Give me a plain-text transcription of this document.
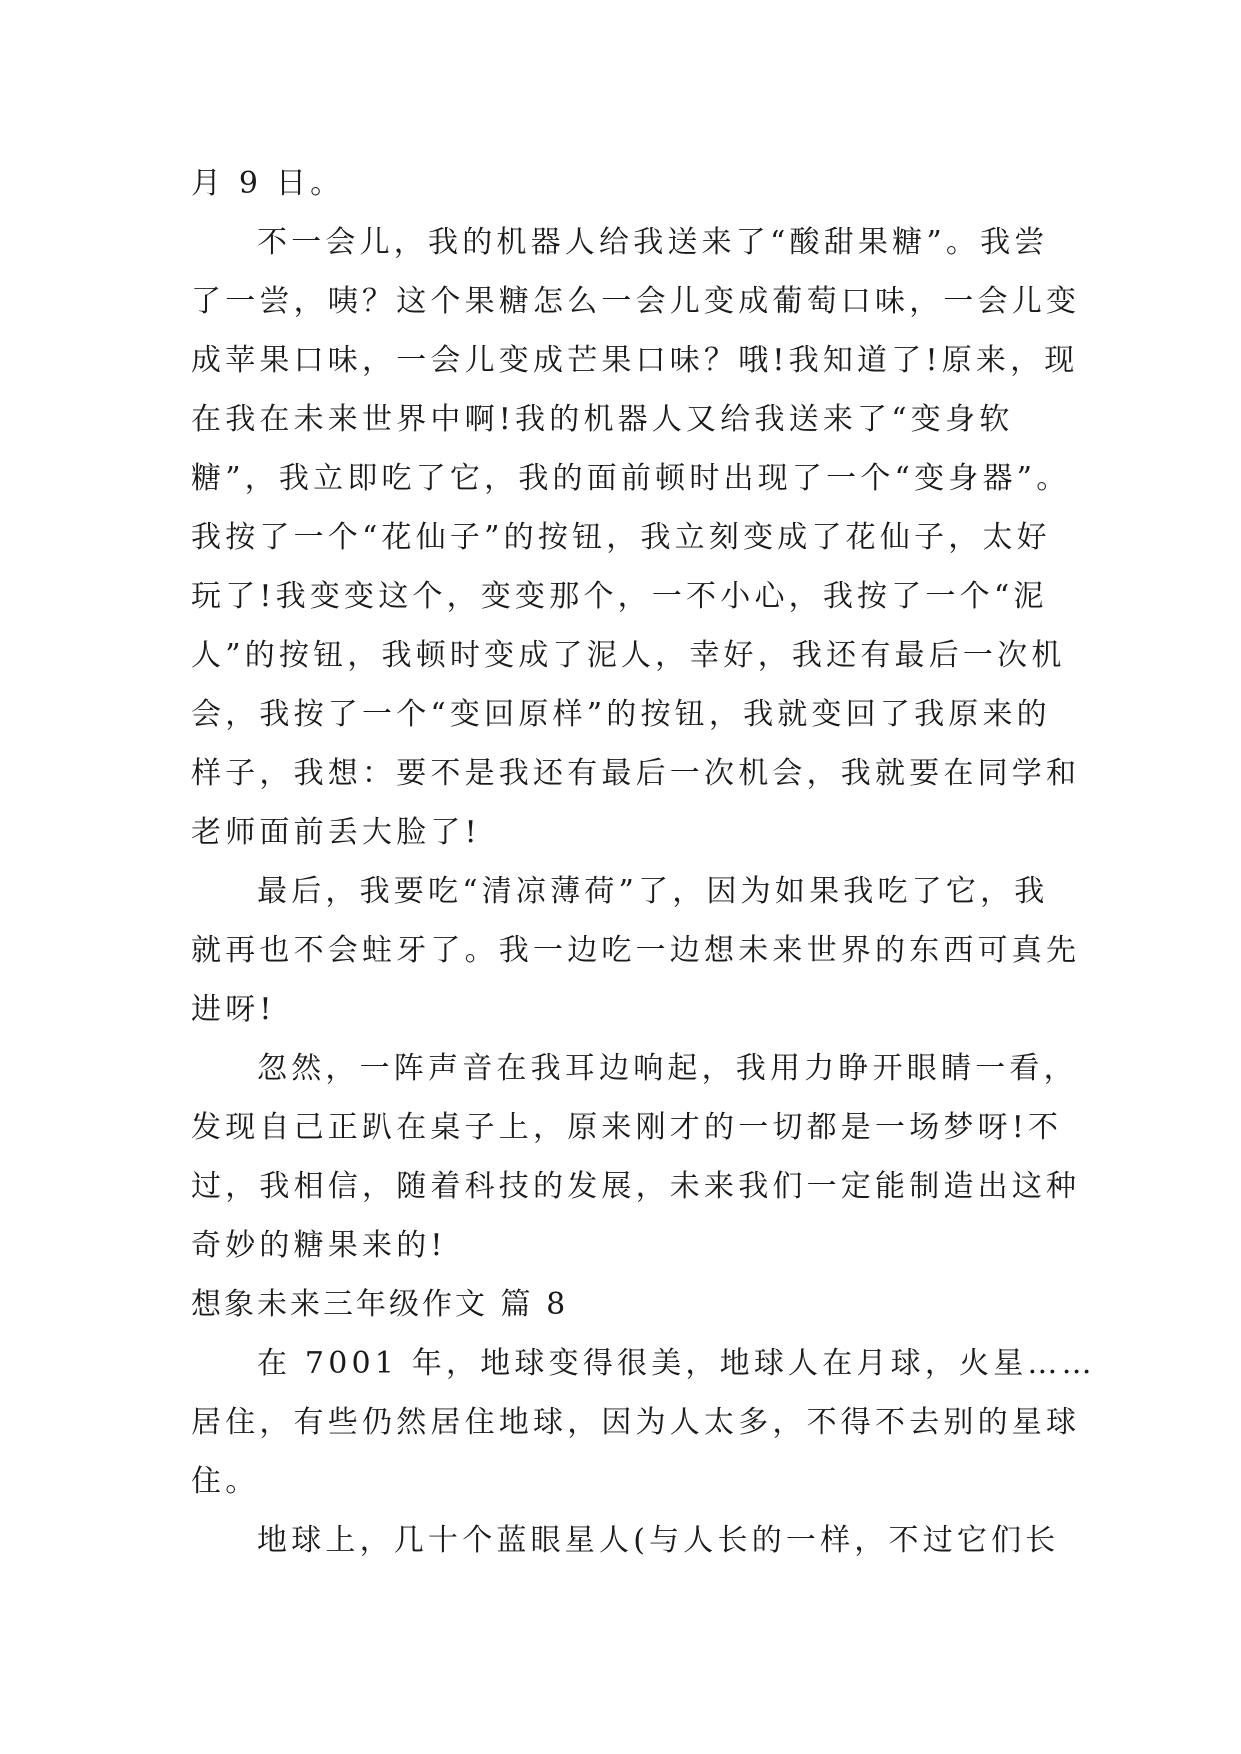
月 9 日。
不一会儿，我的机器人给我送来了“酸甜果糖”。我尝
了一尝，咦？这个果糖怎么一会儿变成葡萄口味，一会儿变
成苹果口味，一会儿变成芒果口味？哦!我知道了!原来，现
在我在未来世界中啊!我的机器人又给我送来了“变身软
糖”，我立即吃了它，我的面前顿时出现了一个“变身器”。
我按了一个“花仙子”的按钮，我立刻变成了花仙子，太好
玩了!我变变这个，变变那个，一不小心，我按了一个“泥
人”的按钮，我顿时变成了泥人，幸好，我还有最后一次机
会，我按了一个“变回原样”的按钮，我就变回了我原来的
样子，我想：要不是我还有最后一次机会，我就要在同学和
老师面前丢大脸了!
最后，我要吃“清凉薄荷”了，因为如果我吃了它，我
就再也不会蛀牙了。我一边吃一边想未来世界的东西可真先
进呀!
忽然，一阵声音在我耳边响起，我用力睁开眼睛一看，
发现自己正趴在桌子上，原来刚才的一切都是一场梦呀!不
过，我相信，随着科技的发展，未来我们一定能制造出这种
奇妙的糖果来的!
想象未来三年级作文 篇 8
在 7001 年，地球变得很美，地球人在月球，火星……
居住，有些仍然居住地球，因为人太多，不得不去别的星球
住。
地球上，几十个蓝眼星人(与人长的一样，不过它们长
